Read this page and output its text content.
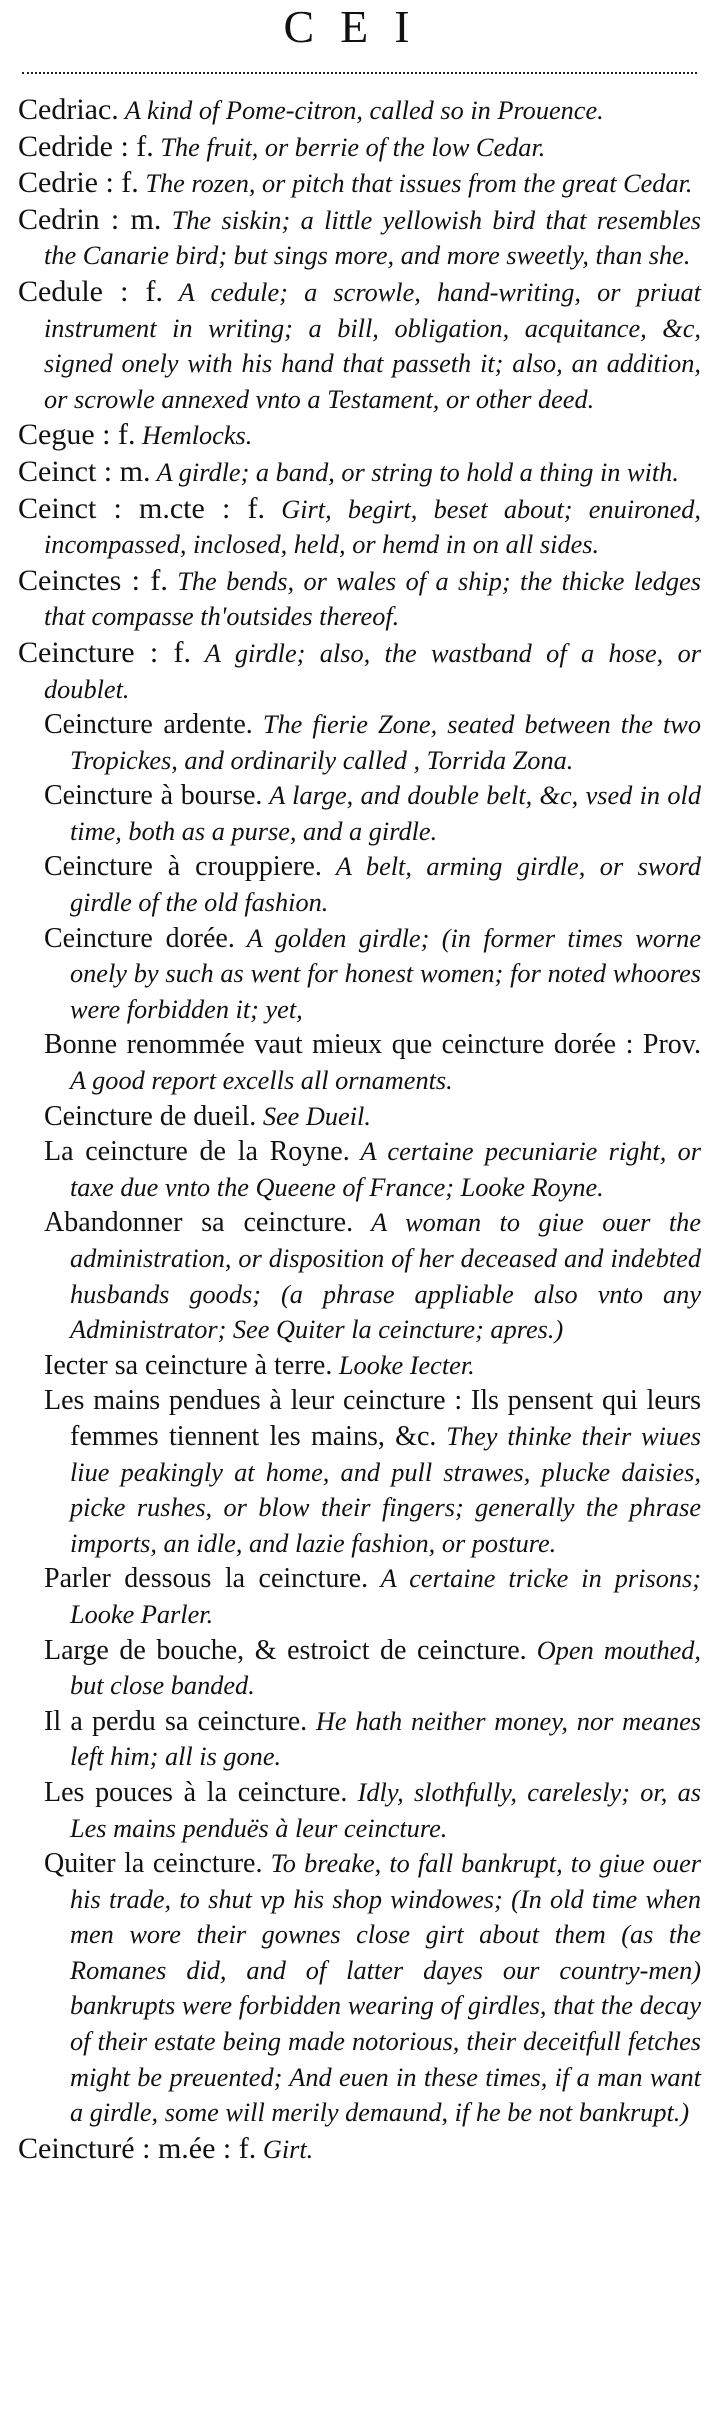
CEI

Cedriac. A kind of Pome-citron, called so in Prouence.

Cedride : f. The fruit, or berrie of the low Cedar.

Cedrie : f. The rozen, or pitch that issues from the great Cedar.

Cedrin : m. The siskin; a little yellowish bird that resembles the Canarie bird; but sings more, and more sweetly, than she.

Cedule : f. A cedule; a scrowle, hand-writing, or priuat instrument in writing; a bill, obligation, acquitance, &c, signed onely with his hand that passeth it; also, an addition, or scrowle annexed vnto a Testament, or other deed.

Cegue : f. Hemlocks.

Ceinct : m. A girdle; a band, or string to hold a thing in with.

Ceinct : m.cte : f. Girt, begirt, beset about; enuironed, incompassed, inclosed, held, or hemd in on all sides.

Ceinctes : f. The bends, or wales of a ship; the thicke ledges that compasse th'outsides thereof.

Ceincture : f. A girdle; also, the wastband of a hose, or doublet.

Ceincture ardente. The fierie Zone, seated between the two Tropickes, and ordinarily called , Torrida Zona.

Ceincture à bourse. A large, and double belt, &c, vsed in old time, both as a purse, and a girdle.

Ceincture à crouppiere. A belt, arming girdle, or sword girdle of the old fashion.

Ceincture dorée. A golden girdle; (in former times worne onely by such as went for honest women; for noted whoores were forbidden it; yet,

Bonne renommée vaut mieux que ceincture dorée : Prov. A good report excells all ornaments.

Ceincture de dueil. See Dueil.

La ceincture de la Royne. A certaine pecuniarie right, or taxe due vnto the Queene of France; Looke Royne.

Abandonner sa ceincture. A woman to giue ouer the administration, or disposition of her deceased and indebted husbands goods; (a phrase appliable also vnto any Administrator; See Quiter la ceincture; apres.)

Iecter sa ceincture à terre. Looke Iecter.

Les mains pendues à leur ceincture : Ils pensent qui leurs femmes tiennent les mains, &c. They thinke their wiues liue peakingly at home, and pull strawes, plucke daisies, picke rushes, or blow their fingers; generally the phrase imports, an idle, and lazie fashion, or posture.

Parler dessous la ceincture. A certaine tricke in prisons; Looke Parler.

Large de bouche, & estroict de ceincture. Open mouthed, but close banded.

Il a perdu sa ceincture. He hath neither money, nor meanes left him; all is gone.

Les pouces à la ceincture. Idly, slothfully, carelesly; or, as Les mains penduës à leur ceincture.

Quiter la ceincture. To breake, to fall bankrupt, to giue ouer his trade, to shut vp his shop windowes; (In old time when men wore their gownes close girt about them (as the Romanes did, and of latter dayes our country-men) bankrupts were forbidden wearing of girdles, that the decay of their estate being made notorious, their deceitfull fetches might be preuented; And euen in these times, if a man want a girdle, some will merily demaund, if he be not bankrupt.)

Ceincturé : m.ée : f. Girt.
